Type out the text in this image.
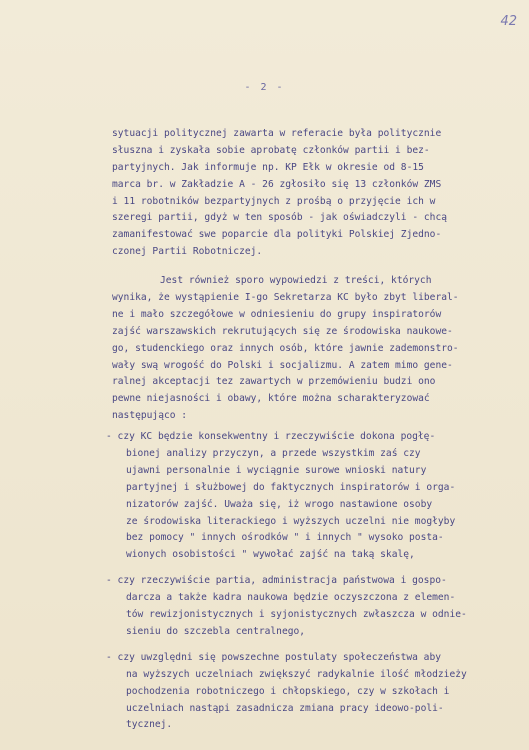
42
- 2 -
sytuacji politycznej zawarta w referacie była politycznie
słuszna i zyskała sobie aprobatę członków partii i bez-
partyjnych. Jak informuje np. KP Ełk w okresie od 8-15
marca br. w Zakładzie A - 26 zgłosiło się 13 członków ZMS
i 11 robotników bezpartyjnych z prośbą o przyjęcie ich w
szeregi partii, gdyż w ten sposób - jak oświadczyli - chcą
zamanifestować swe poparcie dla polityki Polskiej Zjedno-
czonej Partii Robotniczej.
Jest również sporo wypowiedzi z treści, których
wynika, że wystąpienie I-go Sekretarza KC było zbyt liberal-
ne i mało szczegółowe w odniesieniu do grupy inspiratorów
zajść warszawskich rekrutujących się ze środowiska naukowe-
go, studenckiego oraz innych osób, które jawnie zademonstro-
wały swą wrogość do Polski i socjalizmu. A zatem mimo gene-
ralnej akceptacji tez zawartych w przemówieniu budzi ono
pewne niejasności i obawy, które można scharakteryzować
następująco :
- czy KC będzie konsekwentny i rzeczywiście dokona pogłę-
bionej analizy przyczyn, a przede wszystkim zaś czy
ujawni personalnie i wyciągnie surowe wnioski natury
partyjnej i służbowej do faktycznych inspiratorów i orga-
nizatorów zajść. Uważa się, iż wrogo nastawione osoby
ze środowiska literackiego i wyższych uczelni nie mogłyby
bez pomocy " innych ośrodków " i innych " wysoko posta-
wionych osobistości " wywołać zajść na taką skalę,
- czy rzeczywiście partia, administracja państwowa i gospo-
darcza a także kadra naukowa będzie oczyszczona z elemen-
tów rewizjonistycznych i syjonistycznych zwłaszcza w odnie-
sieniu do szczebla centralnego,
- czy uwzględni się powszechne postulaty społeczeństwa aby
na wyższych uczelniach zwiększyć radykalnie ilość młodzieży
pochodzenia robotniczego i chłopskiego, czy w szkołach i
uczelniach nastąpi zasadnicza zmiana pracy ideowo-poli-
tycznej.
